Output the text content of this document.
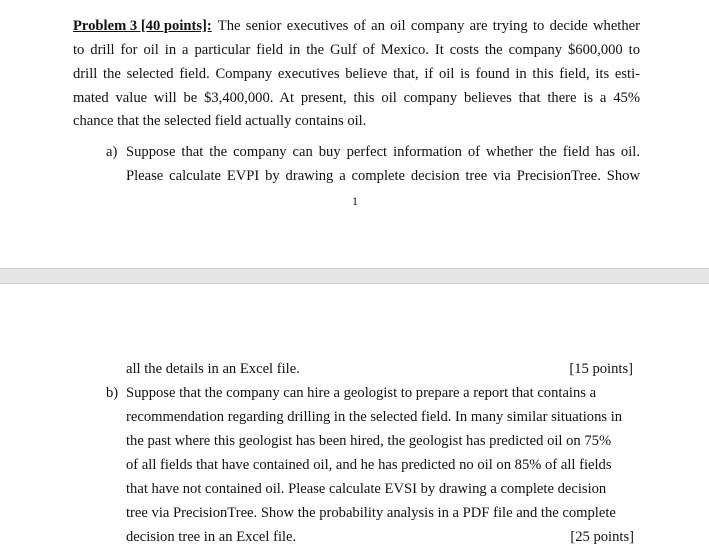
Problem 3 [40 points]: The senior executives of an oil company are trying to decide whether
to drill for oil in a particular field in the Gulf of Mexico. It costs the company $600,000 to
drill the selected field. Company executives believe that, if oil is found in this field, its esti-
mated value will be $3,400,000. At present, this oil company believes that there is a 45%
chance that the selected field actually contains oil.
a) Suppose that the company can buy perfect information of whether the field has oil.
Please calculate EVPI by drawing a complete decision tree via PrecisionTree. Show
1
all the details in an Excel file.	[15 points]
b) Suppose that the company can hire a geologist to prepare a report that contains a
recommendation regarding drilling in the selected field. In many similar situations in
the past where this geologist has been hired, the geologist has predicted oil on 75%
of all fields that have contained oil, and he has predicted no oil on 85% of all fields
that have not contained oil. Please calculate EVSI by drawing a complete decision
tree via PrecisionTree. Show the probability analysis in a PDF file and the complete
decision tree in an Excel file.	[25 points]
